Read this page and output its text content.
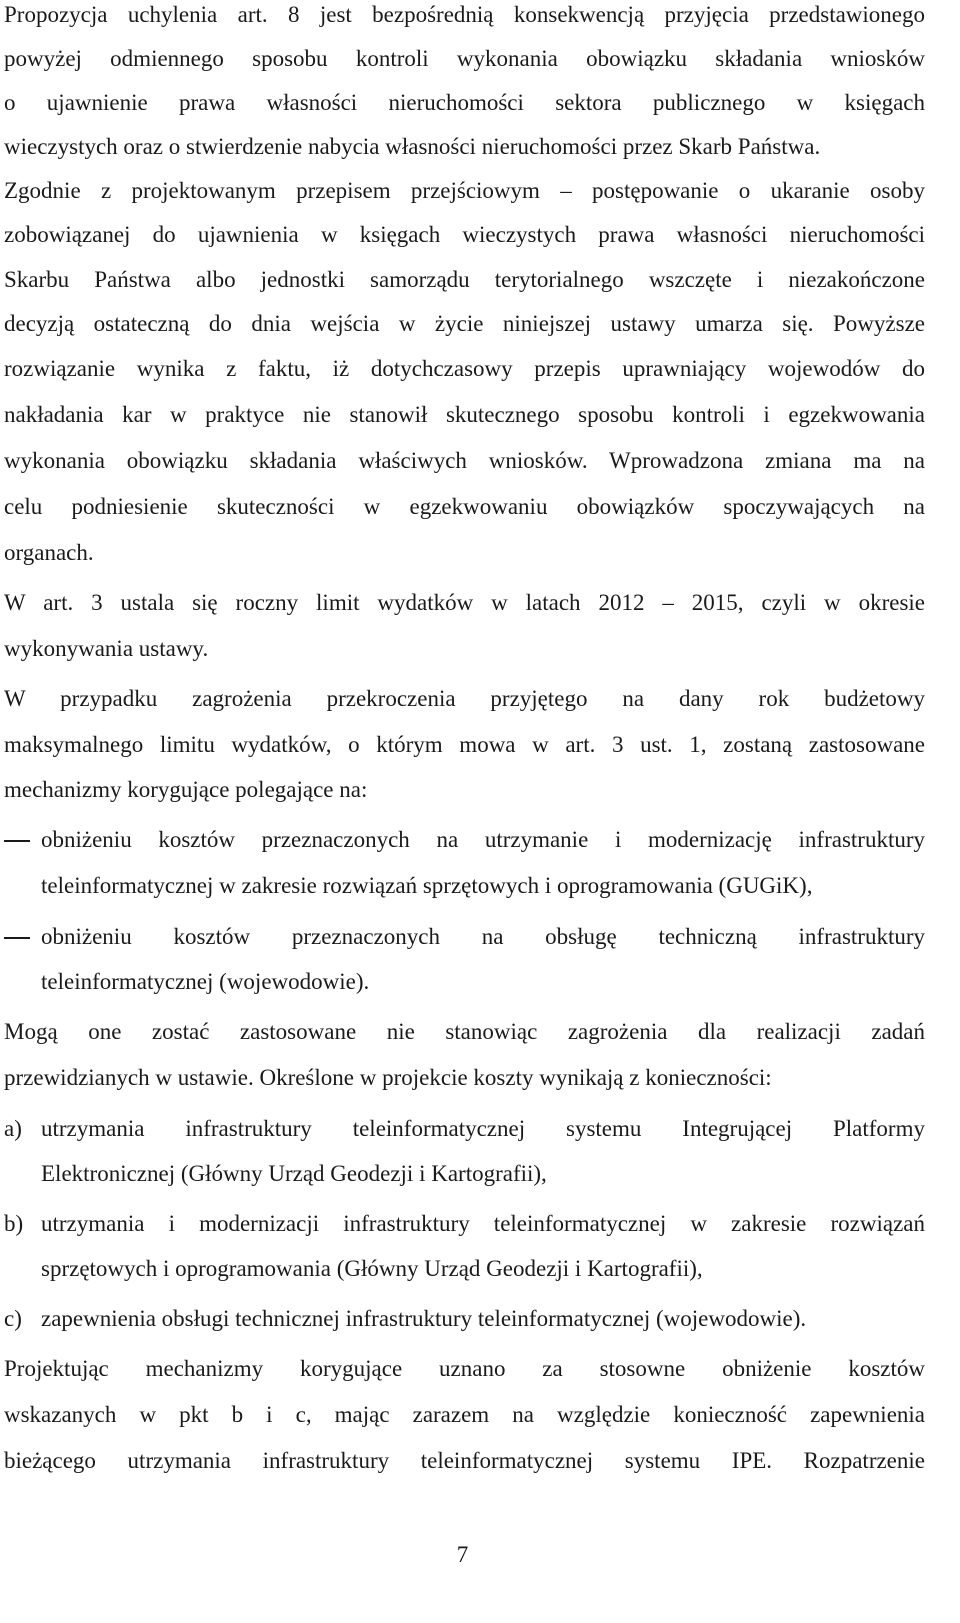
Propozycja uchylenia art. 8 jest bezpośrednią konsekwencją przyjęcia przedstawionego
powyżej odmiennego sposobu kontroli wykonania obowiązku składania wniosków
o ujawnienie prawa własności nieruchomości sektora publicznego w księgach
wieczystych oraz o stwierdzenie nabycia własności nieruchomości przez Skarb Państwa.
Zgodnie z projektowanym przepisem przejściowym – postępowanie o ukaranie osoby
zobowiązanej do ujawnienia w księgach wieczystych prawa własności nieruchomości
Skarbu Państwa albo jednostki samorządu terytorialnego wszczęte i niezakończone
decyzją ostateczną do dnia wejścia w życie niniejszej ustawy umarza się. Powyższe
rozwiązanie wynika z faktu, iż dotychczasowy przepis uprawniający wojewodów do
nakładania kar w praktyce nie stanowił skutecznego sposobu kontroli i egzekwowania
wykonania obowiązku składania właściwych wniosków. Wprowadzona zmiana ma na
celu podniesienie skuteczności w egzekwowaniu obowiązków spoczywających na
organach.
W art. 3 ustala się roczny limit wydatków w latach 2012 – 2015, czyli w okresie
wykonywania ustawy.
W przypadku zagrożenia przekroczenia przyjętego na dany rok budżetowy
maksymalnego limitu wydatków, o którym mowa w art. 3 ust. 1, zostaną zastosowane
mechanizmy korygujące polegające na:
obniżeniu kosztów przeznaczonych na utrzymanie i modernizację infrastruktury
teleinformatycznej w zakresie rozwiązań sprzętowych i oprogramowania (GUGiK),
obniżeniu kosztów przeznaczonych na obsługę techniczną infrastruktury
teleinformatycznej (wojewodowie).
Mogą one zostać zastosowane nie stanowiąc zagrożenia dla realizacji zadań
przewidzianych w ustawie. Określone w projekcie koszty wynikają z konieczności:
a) utrzymania infrastruktury teleinformatycznej systemu Integrującej Platformy
Elektronicznej (Główny Urząd Geodezji i Kartografii),
b) utrzymania i modernizacji infrastruktury teleinformatycznej w zakresie rozwiązań
sprzętowych i oprogramowania (Główny Urząd Geodezji i Kartografii),
c) zapewnienia obsługi technicznej infrastruktury teleinformatycznej (wojewodowie).
Projektując mechanizmy korygujące uznano za stosowne obniżenie kosztów
wskazanych w pkt b i c, mając zarazem na względzie konieczność zapewnienia
bieżącego utrzymania infrastruktury teleinformatycznej systemu IPE. Rozpatrzenie
7
